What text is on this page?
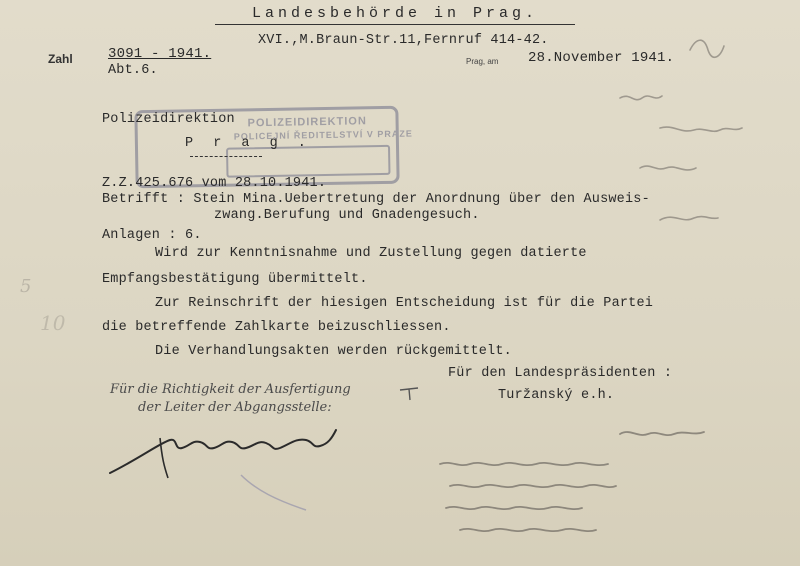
Landesbehörde in Prag.
Zahl	3091 - 1941.
XVI.,M.Braun-Str.11,Fernruf 414-42.
Abt.6.
Prag, am 28.November 1941.
POLIZEIDIREKTION
POLICEJNÍ ŘEDITELSTVÍ V PRAZE
Polizeidirektion
P r a g .
Z.Z.425.676 vom 28.10.1941.
Betrifft : Stein Mina.Uebertretung der Anordnung über den Ausweis-
zwang.Berufung und Gnadengesuch.
Anlagen : 6.
Wird zur Kenntnisnahme und Zustellung gegen datierte
Empfangsbestätigung übermittelt.
Zur Reinschrift der hiesigen Entscheidung ist für die Partei
die betreffende Zahlkarte beizuschliessen.
Die Verhandlungsakten werden rückgemittelt.
Für die Richtigkeit der Ausfertigung
der Leiter der Abgangsstelle:
Für den Landespräsidenten :
Turžanský e.h.
5
10
